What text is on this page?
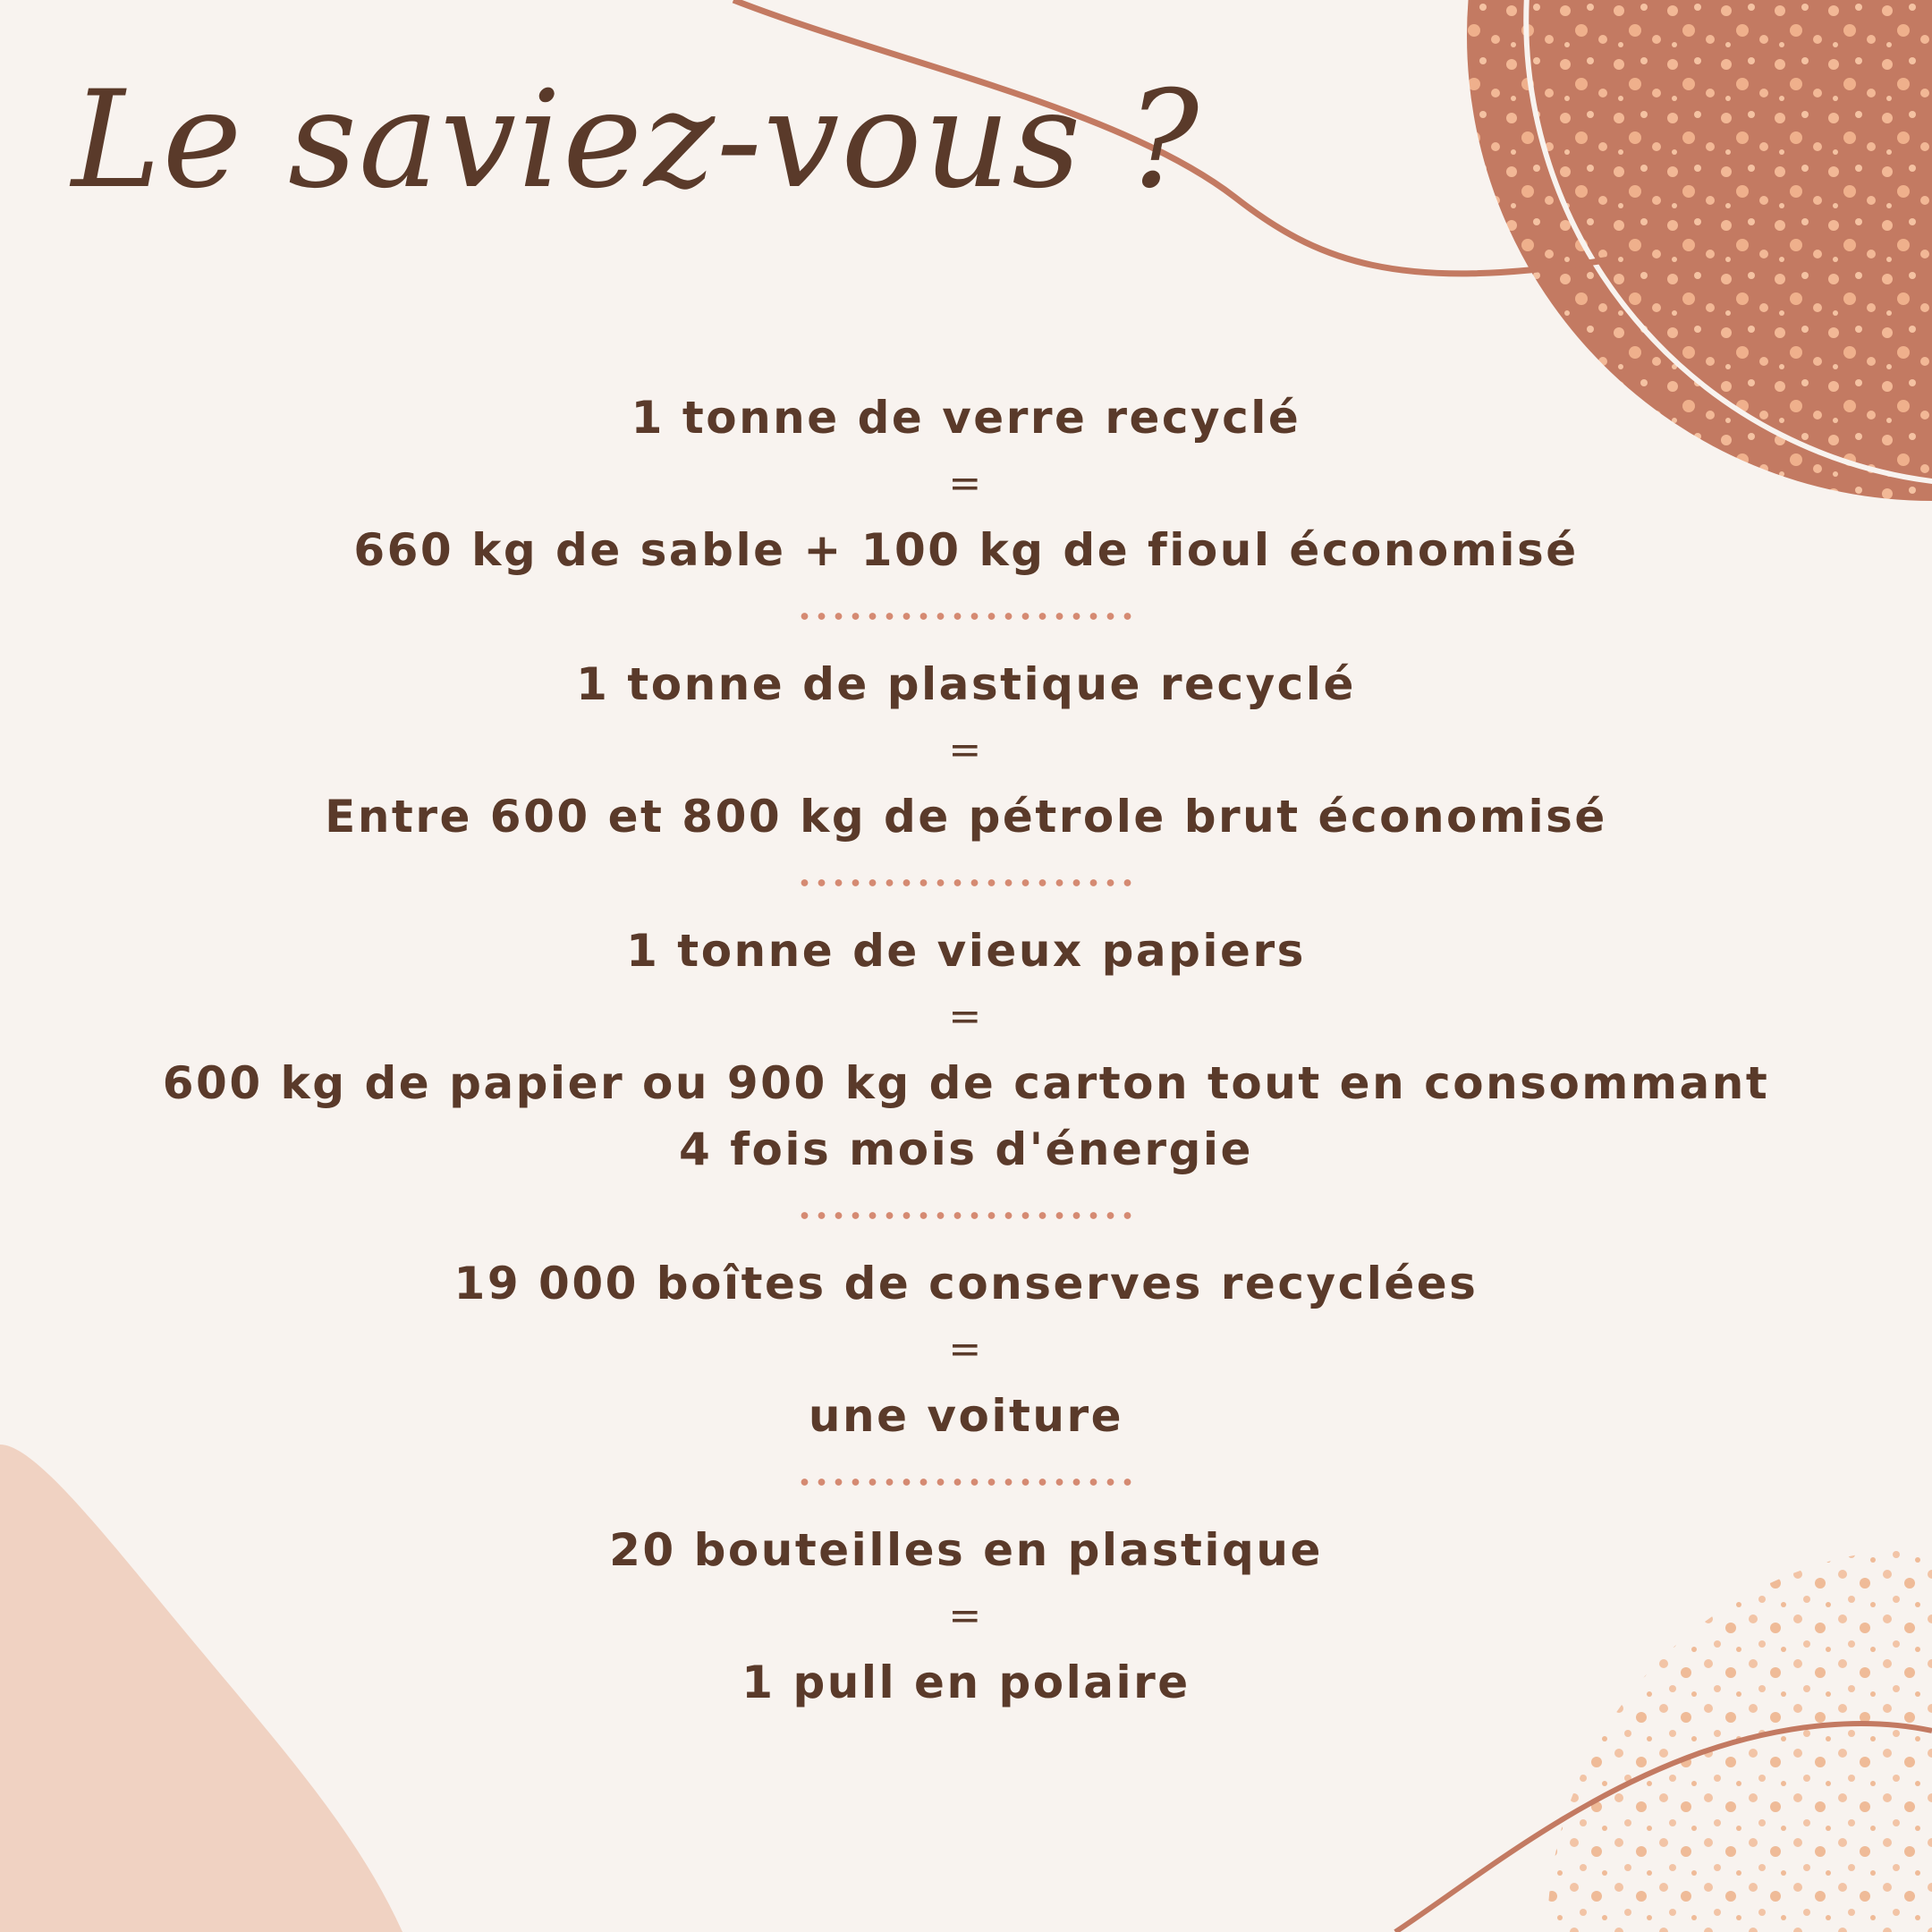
Le saviez-vous ?
1 tonne de verre recyclé
=
660 kg de sable + 100 kg de fioul économisé
1 tonne de plastique recyclé
=
Entre 600 et 800 kg de pétrole brut économisé
1 tonne de vieux papiers
=
600 kg de papier ou 900 kg de carton tout en consommant
4 fois mois d'énergie
19 000 boîtes de conserves recyclées
=
une voiture
20 bouteilles en plastique
=
1 pull en polaire
